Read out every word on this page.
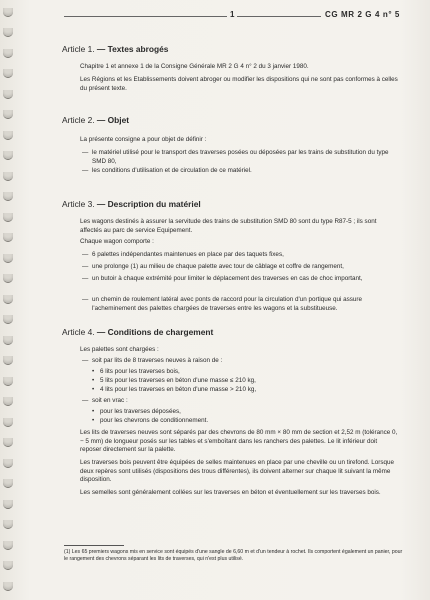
1	CG MR 2 G 4 n° 5
Article 1. — Textes abrogés
Chapitre 1 et annexe 1 de la Consigne Générale MR 2 G 4 n° 2 du 3 janvier 1980.
Les Régions et les Etablissements doivent abroger ou modifier les dispositions qui ne sont pas conformes à celles du présent texte.
Article 2. — Objet
La présente consigne a pour objet de définir :
— le matériel utilisé pour le transport des traverses posées ou déposées par les trains de substitution du type SMD 80,
— les conditions d'utilisation et de circulation de ce matériel.
Article 3. — Description du matériel
Les wagons destinés à assurer la servitude des trains de substitution SMD 80 sont du type R87-5 ; ils sont affectés au parc de service Equipement.
Chaque wagon comporte :
— 6 palettes indépendantes maintenues en place par des taquets fixes,
— une prolonge (1) au milieu de chaque palette avec tour de câblage et coffre de rangement,
— un butoir à chaque extrémité pour limiter le déplacement des traverses en cas de choc important,
— un chemin de roulement latéral avec ponts de raccord pour la circulation d'un portique qui assure l'acheminement des palettes chargées de traverses entre les wagons et la substitueuse.
Article 4. — Conditions de chargement
Les palettes sont chargées :
— soit par lits de 8 traverses neuves à raison de :
• 6 lits pour les traverses bois,
• 5 lits pour les traverses en béton d'une masse ≤ 210 kg,
• 4 lits pour les traverses en béton d'une masse > 210 kg,
— soit en vrac :
• pour les traverses déposées,
• pour les chevrons de conditionnement.
Les lits de traverses neuves sont séparés par des chevrons de 80 mm × 80 mm de section et 2,52 m (tolérance 0, − 5 mm) de longueur posés sur les tables et s'emboîtant dans les ranchers des palettes. Le lit inférieur doit reposer directement sur la palette.
Les traverses bois peuvent être équipées de selles maintenues en place par une cheville ou un tirefond. Lorsque deux repères sont utilisés (dispositions des trous différentes), ils doivent alterner sur chaque lit suivant la même disposition.
Les semelles sont généralement collées sur les traverses en béton et éventuellement sur les traverses bois.
(1) Les 65 premiers wagons mis en service sont équipés d'une sangle de 6,60 m et d'un tendeur à rochet. Ils comportent également un panier, pour le rangement des chevrons séparant les lits de traverses, qui n'est plus utilisé.
